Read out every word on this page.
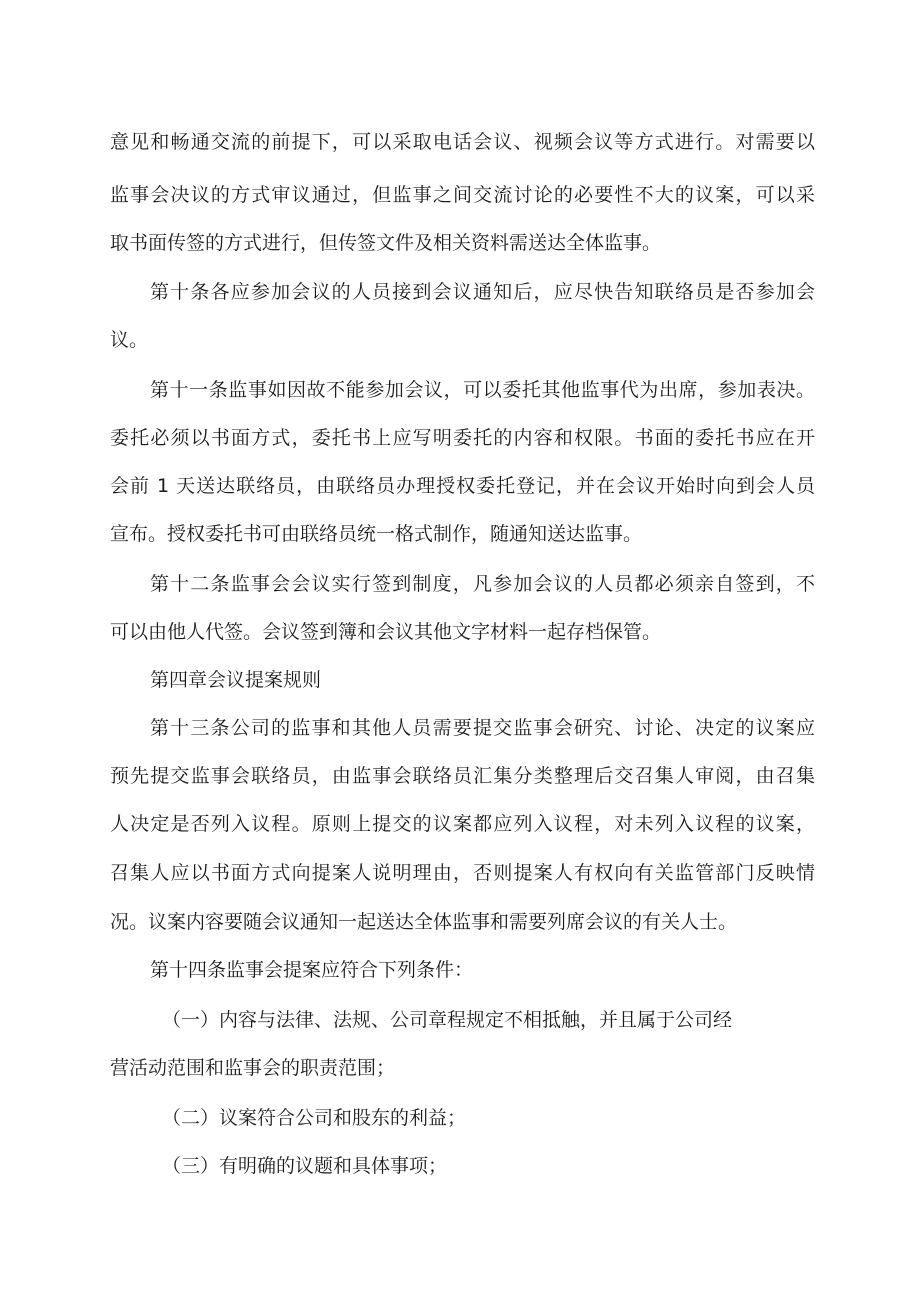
意见和畅通交流的前提下，可以采取电话会议、视频会议等方式进行。对需要以
监事会决议的方式审议通过，但监事之间交流讨论的必要性不大的议案，可以采
取书面传签的方式进行，但传签文件及相关资料需送达全体监事。
第十条各应参加会议的人员接到会议通知后，应尽快告知联络员是否参加会
议。
第十一条监事如因故不能参加会议，可以委托其他监事代为出席，参加表决。
委托必须以书面方式，委托书上应写明委托的内容和权限。书面的委托书应在开
会前 1 天送达联络员，由联络员办理授权委托登记，并在会议开始时向到会人员
宣布。授权委托书可由联络员统一格式制作，随通知送达监事。
第十二条监事会会议实行签到制度，凡参加会议的人员都必须亲自签到，不
可以由他人代签。会议签到簿和会议其他文字材料一起存档保管。
第四章会议提案规则
第十三条公司的监事和其他人员需要提交监事会研究、讨论、决定的议案应
预先提交监事会联络员，由监事会联络员汇集分类整理后交召集人审阅，由召集
人决定是否列入议程。原则上提交的议案都应列入议程，对未列入议程的议案，
召集人应以书面方式向提案人说明理由，否则提案人有权向有关监管部门反映情
况。议案内容要随会议通知一起送达全体监事和需要列席会议的有关人士。
第十四条监事会提案应符合下列条件：
（一）内容与法律、法规、公司章程规定不相抵触，并且属于公司经
营活动范围和监事会的职责范围；
（二）议案符合公司和股东的利益；
（三）有明确的议题和具体事项；
